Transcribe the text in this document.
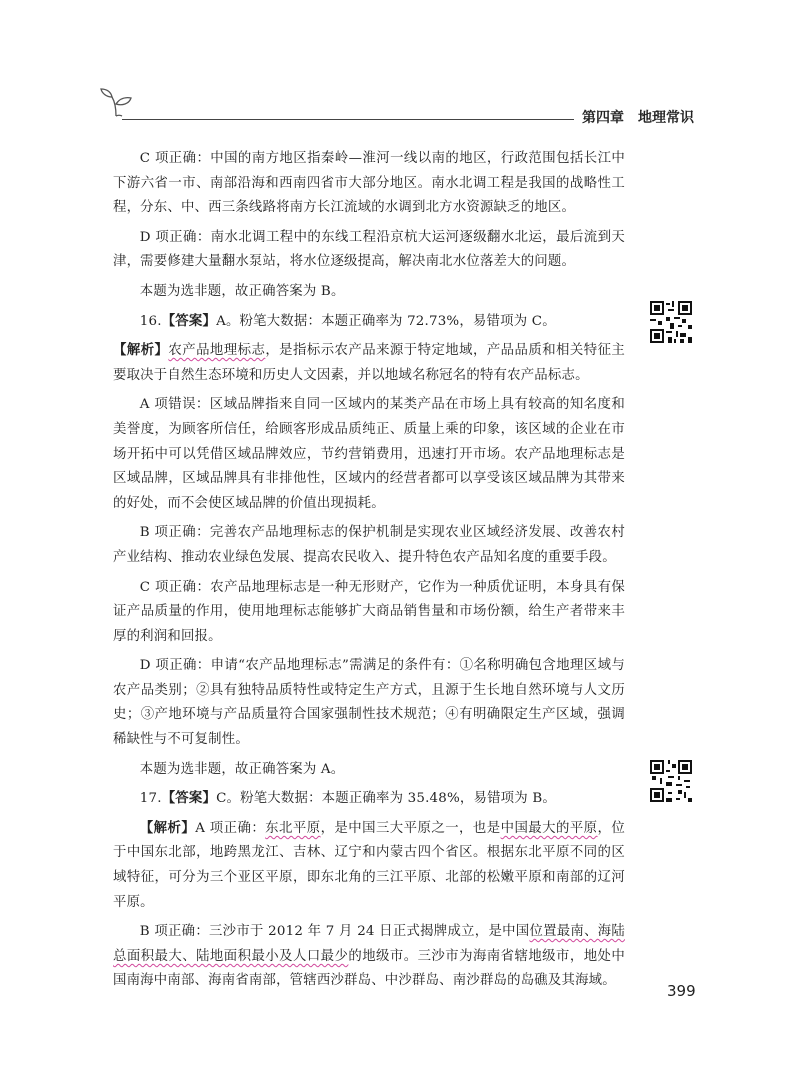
第四章 地理常识

C 项正确：中国的南方地区指秦岭—淮河一线以南的地区，行政范围包括长江中下游六省一市、南部沿海和西南四省市大部分地区。南水北调工程是我国的战略性工程，分东、中、西三条线路将南方长江流域的水调到北方水资源缺乏的地区。

D 项正确：南水北调工程中的东线工程沿京杭大运河逐级翻水北运，最后流到天津，需要修建大量翻水泵站，将水位逐级提高，解决南北水位落差大的问题。

本题为选非题，故正确答案为 B。

16.【答案】A。粉笔大数据：本题正确率为 72.73%，易错项为 C。

【解析】农产品地理标志，是指标示农产品来源于特定地域，产品品质和相关特征主要取决于自然生态环境和历史人文因素，并以地域名称冠名的特有农产品标志。

A 项错误：区域品牌指来自同一区域内的某类产品在市场上具有较高的知名度和美誉度，为顾客所信任，给顾客形成品质纯正、质量上乘的印象，该区域的企业在市场开拓中可以凭借区域品牌效应，节约营销费用，迅速打开市场。农产品地理标志是区域品牌，区域品牌具有非排他性，区域内的经营者都可以享受该区域品牌为其带来的好处，而不会使区域品牌的价值出现损耗。

B 项正确：完善农产品地理标志的保护机制是实现农业区域经济发展、改善农村产业结构、推动农业绿色发展、提高农民收入、提升特色农产品知名度的重要手段。

C 项正确：农产品地理标志是一种无形财产，它作为一种质优证明，本身具有保证产品质量的作用，使用地理标志能够扩大商品销售量和市场份额，给生产者带来丰厚的利润和回报。

D 项正确：申请“农产品地理标志”需满足的条件有：①名称明确包含地理区域与农产品类别；②具有独特品质特性或特定生产方式，且源于生长地自然环境与人文历史；③产地环境与产品质量符合国家强制性技术规范；④有明确限定生产区域，强调稀缺性与不可复制性。

本题为选非题，故正确答案为 A。

17.【答案】C。粉笔大数据：本题正确率为 35.48%，易错项为 B。

【解析】A 项正确：东北平原，是中国三大平原之一，也是中国最大的平原，位于中国东北部，地跨黑龙江、吉林、辽宁和内蒙古四个省区。根据东北平原不同的区域特征，可分为三个亚区平原，即东北角的三江平原、北部的松嫩平原和南部的辽河平原。

B 项正确：三沙市于 2012 年 7 月 24 日正式揭牌成立，是中国位置最南、海陆总面积最大、陆地面积最小及人口最少的地级市。三沙市为海南省辖地级市，地处中国南海中南部、海南省南部，管辖西沙群岛、中沙群岛、南沙群岛的岛礁及其海域。

399
